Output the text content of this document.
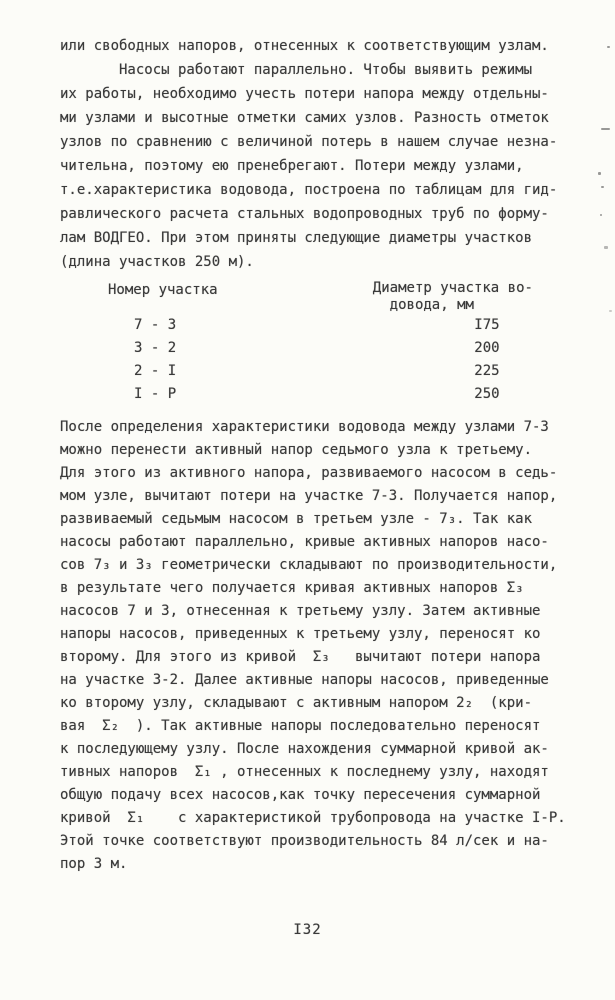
или свободных напоров, отнесенных к соответствующим узлам.
Насосы работают параллельно. Чтобы выявить режимы
их работы, необходимо учесть потери напора между отдельны-
ми узлами и высотные отметки самих узлов. Разность отметок
узлов по сравнению с величиной потерь в нашем случае незна-
чительна, поэтому ею пренебрегают. Потери между узлами,
т.е.характеристика водовода, построена по таблицам для гид-
равлического расчета стальных водопроводных труб по форму-
лам ВОДГЕО. При этом приняты следующие диаметры участков
(длина участков 250 м).
Номер участка	Диаметр участка во-
довода, мм
7 - 3	I75
3 - 2	200
2 - I	225
I - Р	250
После определения характеристики водовода между узлами 7-3
можно перенести активный напор седьмого узла к третьему.
Для этого из активного напора, развиваемого насосом в седь-
мом узле, вычитают потери на участке 7-3. Получается напор,
развиваемый седьмым насосом в третьем узле - 7₃. Так как
насосы работают параллельно, кривые активных напоров насо-
сов 7₃ и 3₃ геометрически складывают по производительности,
в результате чего получается кривая активных напоров Σ₃
насосов 7 и 3, отнесенная к третьему узлу. Затем активные
напоры насосов, приведенных к третьему узлу, переносят ко
второму. Для этого из кривой  Σ₃   вычитают потери напора
на участке 3-2. Далее активные напоры насосов, приведенные
ко второму узлу, складывают с активным напором 2₂  (кри-
вая  Σ₂  ). Так активные напоры последовательно переносят
к последующему узлу. После нахождения суммарной кривой ак-
тивных напоров  Σ₁ , отнесенных к последнему узлу, находят
общую подачу всех насосов,как точку пересечения суммарной
кривой  Σ₁    с характеристикой трубопровода на участке I-Р.
Этой точке соответствуют производительность 84 л/сек и на-
пор 3 м.
I32
